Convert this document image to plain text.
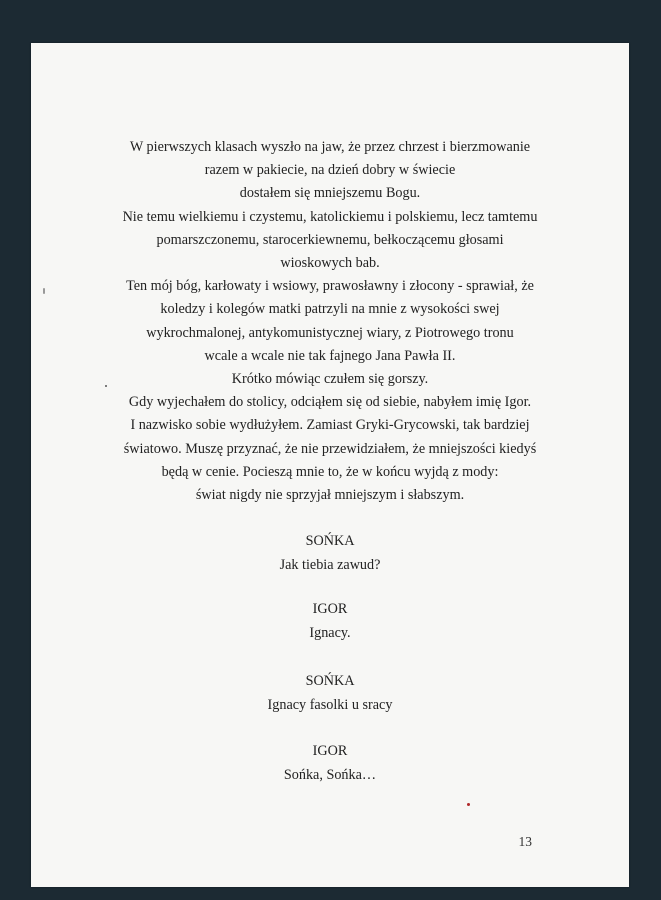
W pierwszych klasach wyszło na jaw, że przez chrzest i bierzmowanie
razem w pakiecie, na dzień dobry w świecie
dostałem się mniejszemu Bogu.
Nie temu wielkiemu i czystemu, katolickiemu i polskiemu, lecz tamtemu
pomarszczonemu, starocerkiewnemu, bełkoczącemu głosami
wioskowych bab.
Ten mój bóg, karłowaty i wsiowy, prawosławny i złocony - sprawiał, że
koledzy i kolegów matki patrzyli na mnie z wysokości swej
wykrochmalonej, antykomunistycznej wiary, z Piotrowego tronu
wcale a wcale nie tak fajnego Jana Pawła II.
Krótko mówiąc czułem się gorszy.
Gdy wyjechałem do stolicy, odciąłem się od siebie, nabyłem imię Igor.
I nazwisko sobie wydłużyłem. Zamiast Gryki-Grycowski, tak bardziej
światowo. Muszę przyznać, że nie przewidziałem, że mniejszości kiedyś
będą w cenie. Pocieszą mnie to, że w końcu wyjdą z mody:
świat nigdy nie sprzyjał mniejszym i słabszym.
SOŃKA
Jak tiebia zawud?
IGOR
Ignacy.
SOŃKA
Ignacy fasolki u sracy
IGOR
Sońka, Sońka…
13
